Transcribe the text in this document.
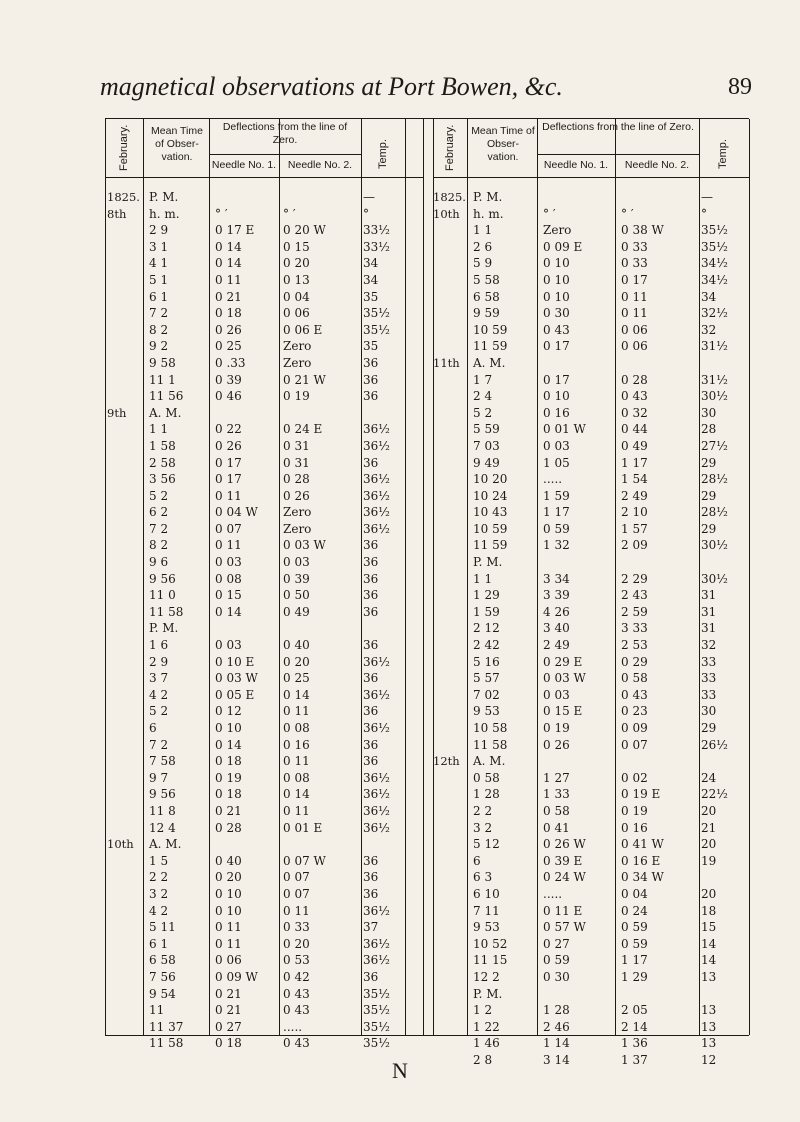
magnetical observations at Port Bowen, &c.	89
February.	Mean Time of Obser- vation.
Deflections from the line of Zero.
Needle No. 1.	Needle No. 2.	Temp.
1825. P. M.	—
8th	h. m.	° ′	° ′	°
2 9	0 17 E	0 20 W	33½
3 1	0 14	0 15	33½
4 1	0 14	0 20	34
5 1	0 11	0 13	34
6 1	0 21	0 04	35
7 2	0 18	0 06	35½
8 2	0 26	0 06 E	35½
9 2	0 25	Zero	35
9 58	0 .33	Zero	36
11 1	0 39	0 21 W	36
11 56	0 46	0 19	36
9th	A. M.
1 1	0 22	0 24 E	36½
1 58	0 26	0 31	36½
2 58	0 17	0 31	36
3 56	0 17	0 28	36½
5 2	0 11	0 26	36½
6 2	0 04 W	Zero	36½
7 2	0 07	Zero	36½
8 2	0 11	0 03 W	36
9 6	0 03	0 03	36
9 56	0 08	0 39	36
11 0	0 15	0 50	36
11 58	0 14	0 49	36
P. M.
1 6	0 03	0 40	36
2 9	0 10 E	0 20	36½
3 7	0 03 W	0 25	36
4 2	0 05 E	0 14	36½
5 2	0 12	0 11	36
6	0 10	0 08	36½
7 2	0 14	0 16	36
7 58	0 18	0 11	36
9 7	0 19	0 08	36½
9 56	0 18	0 14	36½
11 8	0 21	0 11	36½
12 4	0 28	0 01 E	36½
10th	A. M.
1 5	0 40	0 07 W	36
2 2	0 20	0 07	36
3 2	0 10	0 07	36
4 2	0 10	0 11	36½
5 11	0 11	0 33	37
6 1	0 11	0 20	36½
6 58	0 06	0 53	36½
7 56	0 09 W	0 42	36
9 54	0 21	0 43	35½
11	0 21	0 43	35½
11 37	0 27	.....	35½
11 58	0 18	0 43	35½
February. Mean Time of Obser- vation.
Deflections from the line of Zero.
Needle No. 1.	Needle No. 2.	Temp.
1825. P. M.	—
10th	h. m.	° ′	° ′	°
1 1	Zero	0 38 W	35½
2 6	0 09 E	0 33	35½
5 9	0 10	0 33	34½
5 58	0 10	0 17	34½
6 58	0 10	0 11	34
9 59	0 30	0 11	32½
10 59	0 43	0 06	32
11 59	0 17	0 06	31½
11th	A. M.
1 7	0 17	0 28	31½
2 4	0 10	0 43	30½
5 2	0 16	0 32	30
5 59	0 01 W	0 44	28
7 03	0 03	0 49	27½
9 49	1 05	1 17	29
10 20	.....	1 54	28½
10 24	1 59	2 49	29
10 43	1 17	2 10	28½
10 59	0 59	1 57	29
11 59	1 32	2 09	30½
P. M.
1 1	3 34	2 29	30½
1 29	3 39	2 43	31
1 59	4 26	2 59	31
2 12	3 40	3 33	31
2 42	2 49	2 53	32
5 16	0 29 E	0 29	33
5 57	0 03 W	0 58	33
7 02	0 03	0 43	33
9 53	0 15 E	0 23	30
10 58	0 19	0 09	29
11 58	0 26	0 07	26½
12th	A. M.
0 58	1 27	0 02	24
1 28	1 33	0 19 E	22½
2 2	0 58	0 19	20
3 2	0 41	0 16	21
5 12	0 26 W	0 41 W	20
6	0 39 E	0 16 E	19
6 3	0 24 W	0 34 W
6 10	.....	0 04	20
7 11	0 11 E	0 24	18
9 53	0 57 W	0 59	15
10 52	0 27	0 59	14
11 15	0 59	1 17	14
12 2	0 30	1 29	13
P. M.
1 2	1 28	2 05	13
1 22	2 46	2 14	13
1 46	1 14	1 36	13
2 8	3 14	1 37	12
N
